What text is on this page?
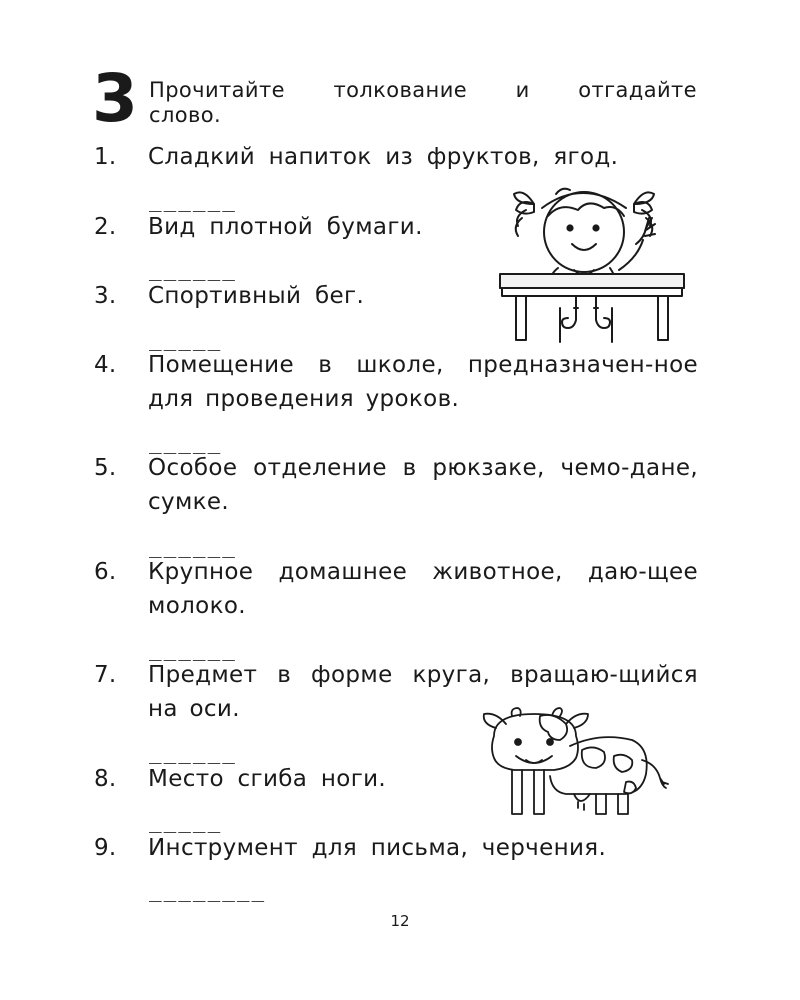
3 Прочитайте толкование и отгадайте слово.
1.	Сладкий напиток из фруктов, ягод.
______
2.	Вид плотной бумаги.
______
3.	Спортивный бег.
_____
4.	Помещение в школе, предназначен-ное для проведения уроков.
_____
5.	Особое отделение в рюкзаке, чемо-дане, сумке.
______
6.	Крупное домашнее животное, даю-щее молоко.
______
7.	Предмет в форме круга, вращаю-щийся на оси.
______
8.	Место сгиба ноги.
_____
9.	Инструмент для письма, черчения.
________
12
